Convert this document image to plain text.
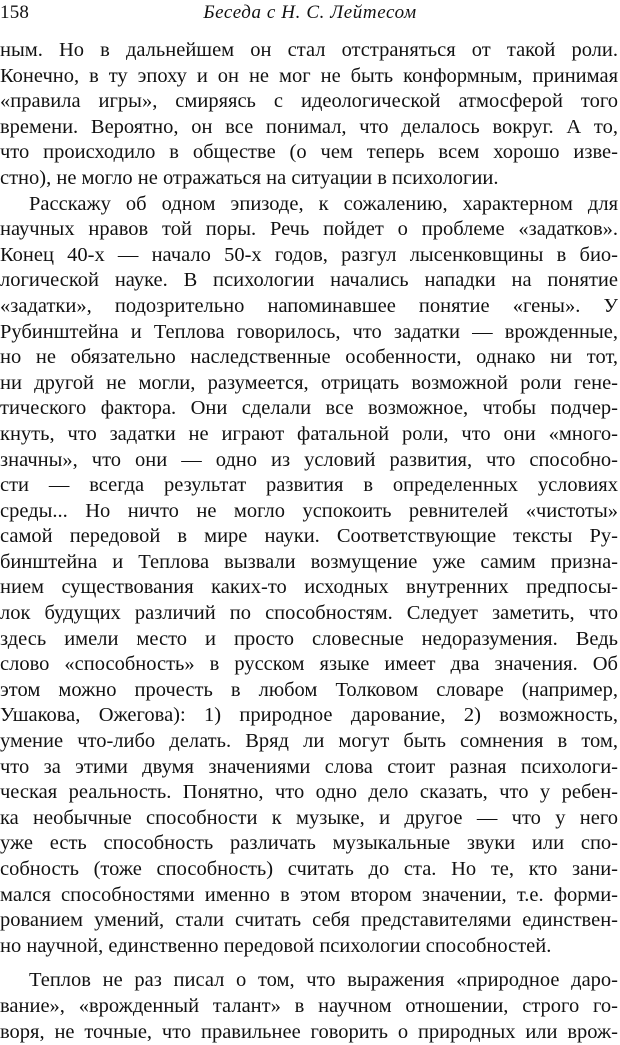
158	Беседа с Н. С. Лейтесом
ным. Но в дальнейшем он стал отстраняться от такой роли.
Конечно, в ту эпоху и он не мог не быть конформным, принимая
«правила игры», смиряясь с идеологической атмосферой того
времени. Вероятно, он все понимал, что делалось вокруг. А то,
что происходило в обществе (о чем теперь всем хорошо изве-
стно), не могло не отражаться на ситуации в психологии.
Расскажу об одном эпизоде, к сожалению, характерном для
научных нравов той поры. Речь пойдет о проблеме «задатков».
Конец 40-х — начало 50-х годов, разгул лысенковщины в био-
логической науке. В психологии начались нападки на понятие
«задатки», подозрительно напоминавшее понятие «гены». У
Рубинштейна и Теплова говорилось, что задатки — врожденные,
но не обязательно наследственные особенности, однако ни тот,
ни другой не могли, разумеется, отрицать возможной роли генe-
тического фактора. Они сделали все возможное, чтобы подчер-
кнуть, что задатки не играют фатальной роли, что они «много-
значны», что они — одно из условий развития, что способно-
сти — всегда результат развития в определенных условиях
среды... Но ничто не могло успокоить ревнителей «чистоты»
самой передовой в мире науки. Соответствующие тексты Ру-
бинштейна и Теплова вызвали возмущение уже самим призна-
нием существования каких-то исходных внутренних предпосы-
лок будущих различий по способностям. Следует заметить, что
здесь имели место и просто словесные недоразумения. Ведь
слово «способность» в русском языке имеет два значения. Об
этом можно прочесть в любом Толковом словаре (например,
Ушакова, Ожегова): 1) природное дарование, 2) возможность,
умение что-либо делать. Вряд ли могут быть сомнения в том,
что за этими двумя значениями слова стоит разная психологи-
ческая реальность. Понятно, что одно дело сказать, что у ребен-
ка необычные способности к музыке, и другое — что у него
уже есть способность различать музыкальные звуки или спо-
собность (тоже способность) считать до ста. Но те, кто зани-
мался способностями именно в этом втором значении, т.е. форми-
рованием умений, стали считать себя представителями единствен-
но научной, единственно передовой психологии способностей.
Теплов не раз писал о том, что выражения «природное даро-
вание», «врожденный талант» в научном отношении, строго го-
воря, не точные, что правильнее говорить о природных или врож-
